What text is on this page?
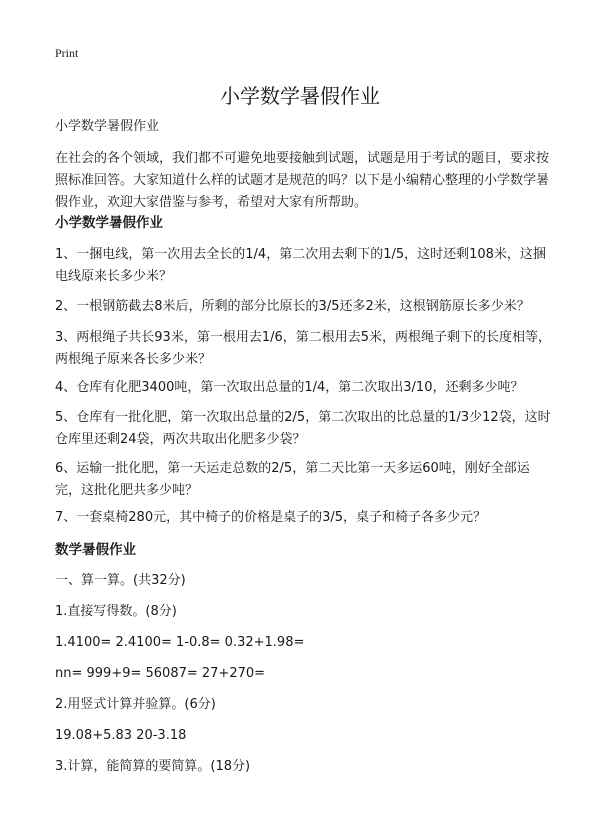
Print
小学数学暑假作业
小学数学暑假作业
在社会的各个领域，我们都不可避免地要接触到试题，试题是用于考试的题目，要求按照标准回答。大家知道什么样的试题才是规范的吗？以下是小编精心整理的小学数学暑假作业，欢迎大家借鉴与参考，希望对大家有所帮助。
小学数学暑假作业
1、一捆电线，第一次用去全长的1/4，第二次用去剩下的1/5，这时还剩108米，这捆电线原来长多少米？
2、一根钢筋截去8米后，所剩的部分比原长的3/5还多2米，这根钢筋原长多少米？
3、两根绳子共长93米，第一根用去1/6，第二根用去5米，两根绳子剩下的长度相等，两根绳子原来各长多少米？
4、仓库有化肥3400吨，第一次取出总量的1/4，第二次取出3/10，还剩多少吨？
5、仓库有一批化肥，第一次取出总量的2/5，第二次取出的比总量的1/3少12袋，这时仓库里还剩24袋，两次共取出化肥多少袋？
6、运输一批化肥，第一天运走总数的2/5，第二天比第一天多运60吨，刚好全部运完，这批化肥共多少吨？
7、一套桌椅280元，其中椅子的价格是桌子的3/5，桌子和椅子各多少元？
数学暑假作业
一、算一算。(共32分)
1.直接写得数。(8分)
1.4100= 2.4100= 1-0.8= 0.32+1.98=
nn= 999+9= 56087= 27+270=
2.用竖式计算并验算。(6分)
19.08+5.83 20-3.18
3.计算，能简算的要简算。(18分)
